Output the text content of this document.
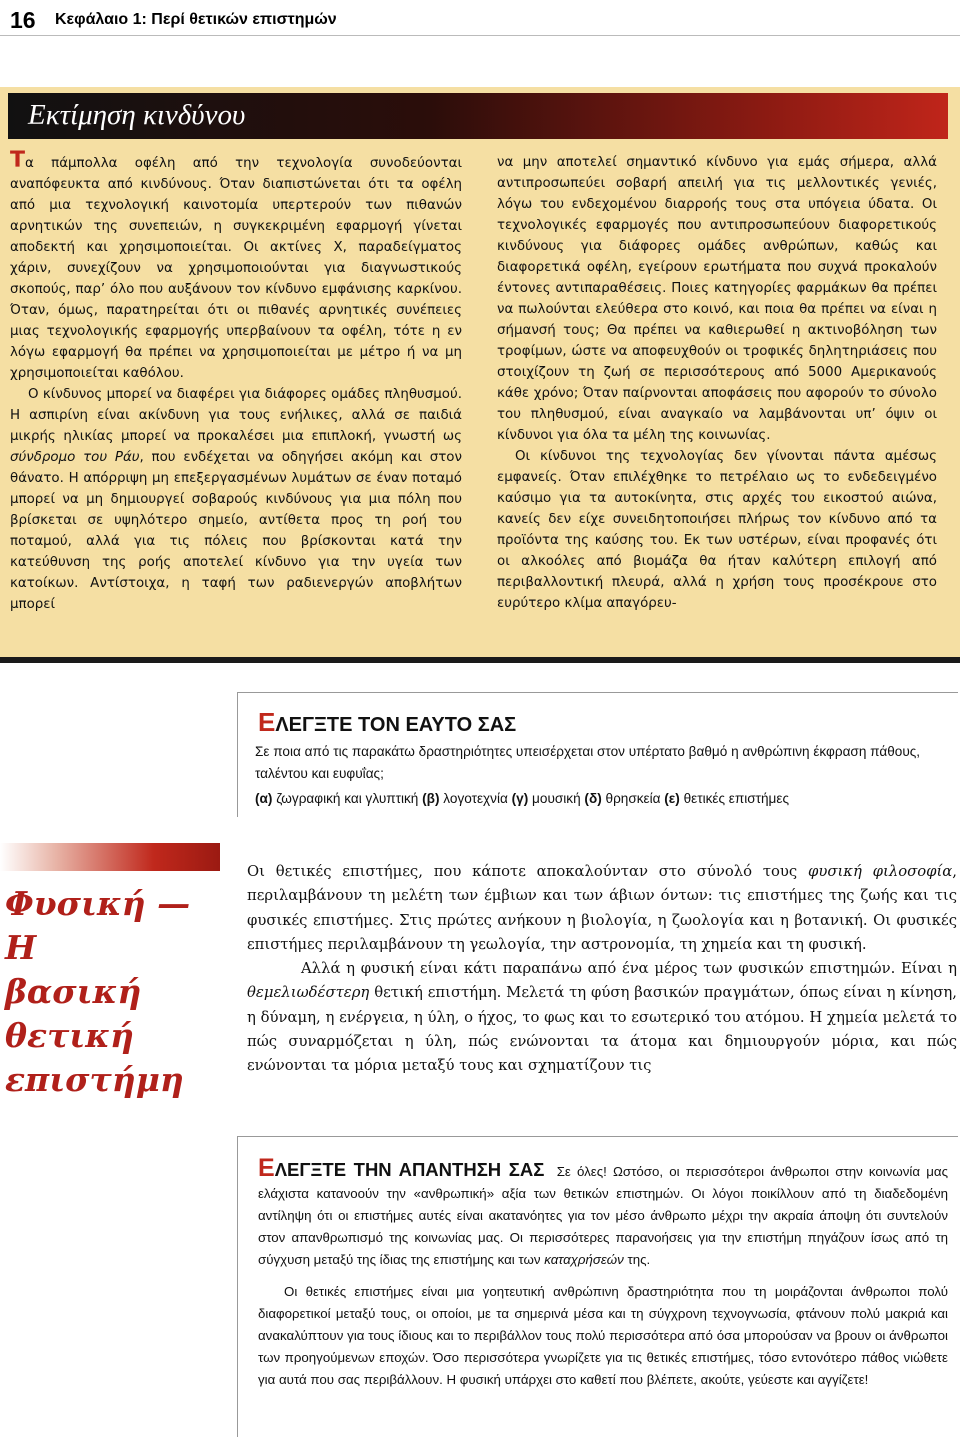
16 Κεφάλαιο 1: Περί θετικών επιστημών
Εκτίμηση κινδύνου

Τα πάμπολλα οφέλη από την τεχνολογία συνοδεύονται αναπόφευκτα από κινδύνους. Όταν διαπιστώνεται ότι τα οφέλη από μια τεχνολογική καινοτομία υπερτερούν των πιθανών αρνητικών της συνεπειών, η συγκεκριμένη εφαρμογή γίνεται αποδεκτή και χρησιμοποιείται. Οι ακτίνες Χ, παραδείγματος χάριν, συνεχίζουν να χρησιμοποιούνται για διαγνωστικούς σκοπούς, παρ’ όλο που αυξάνουν τον κίνδυνο εμφάνισης καρκίνου. Όταν, όμως, παρατηρείται ότι οι πιθανές αρνητικές συνέπειες μιας τεχνολογικής εφαρμογής υπερβαίνουν τα οφέλη, τότε η εν λόγω εφαρμογή θα πρέπει να χρησιμοποιείται με μέτρο ή να μη χρησιμοποιείται καθόλου.

Ο κίνδυνος μπορεί να διαφέρει για διάφορες ομάδες πληθυσμού. Η ασπιρίνη είναι ακίνδυνη για τους ενήλικες, αλλά σε παιδιά μικρής ηλικίας μπορεί να προκαλέσει μια επιπλοκή, γνωστή ως σύνδρομο του Ράυ, που ενδέχεται να οδηγήσει ακόμη και στον θάνατο. Η απόρριψη μη επεξεργασμένων λυμάτων σε έναν ποταμό μπορεί να μη δημιουργεί σοβαρούς κινδύνους για μια πόλη που βρίσκεται σε υψηλότερο σημείο, αντίθετα προς τη ροή του ποταμού, αλλά για τις πόλεις που βρίσκονται κατά την κατεύθυνση της ροής αποτελεί κίνδυνο για την υγεία των κατοίκων. Αντίστοιχα, η ταφή των ραδιενεργών αποβλήτων μπορεί

να μην αποτελεί σημαντικό κίνδυνο για εμάς σήμερα, αλλά αντιπροσωπεύει σοβαρή απειλή για τις μελλοντικές γενιές, λόγω του ενδεχομένου διαρροής τους στα υπόγεια ύδατα. Οι τεχνολογικές εφαρμογές που αντιπροσωπεύουν διαφορετικούς κινδύνους για διάφορες ομάδες ανθρώπων, καθώς και διαφορετικά οφέλη, εγείρουν ερωτήματα που συχνά προκαλούν έντονες αντιπαραθέσεις. Ποιες κατηγορίες φαρμάκων θα πρέπει να πωλούνται ελεύθερα στο κοινό, και ποια θα πρέπει να είναι η σήμανσή τους; Θα πρέπει να καθιερωθεί η ακτινοβόληση των τροφίμων, ώστε να αποφευχθούν οι τροφικές δηλητηριάσεις που στοιχίζουν τη ζωή σε περισσότερους από 5000 Αμερικανούς κάθε χρόνο; Όταν παίρνονται αποφάσεις που αφορούν το σύνολο του πληθυσμού, είναι αναγκαίο να λαμβάνονται υπ’ όψιν οι κίνδυνοι για όλα τα μέλη της κοινωνίας.

Οι κίνδυνοι της τεχνολογίας δεν γίνονται πάντα αμέσως εμφανείς. Όταν επιλέχθηκε το πετρέλαιο ως το ενδεδειγμένο καύσιμο για τα αυτοκίνητα, στις αρχές του εικοστού αιώνα, κανείς δεν είχε συνειδητοποιήσει πλήρως τον κίνδυνο από τα προϊόντα της καύσης του. Εκ των υστέρων, είναι προφανές ότι οι αλκοόλες από βιομάζα θα ήταν καλύτερη επιλογή από περιβαλλοντική πλευρά, αλλά η χρήση τους προσέκρουε στο ευρύτερο κλίμα απαγόρευ-

ΕΛΕΓΞΤΕ ΤΟΝ ΕΑΥΤΟ ΣΑΣ
Σε ποια από τις παρακάτω δραστηριότητες υπεισέρχεται στον υπέρτατο βαθμό η ανθρώπινη έκφραση πάθους, ταλέντου και ευφυΐας;
(α) ζωγραφική και γλυπτική (β) λογοτεχνία (γ) μουσική (δ) θρησκεία (ε) θετικές επιστήμες
Φυσική — Η
βασική θετική
επιστήμη

Οι θετικές επιστήμες, που κάποτε αποκαλούνταν στο σύνολό τους φυσική φιλοσοφία, περιλαμβάνουν τη μελέτη των έμβιων και των άβιων όντων: τις επιστήμες της ζωής και τις φυσικές επιστήμες. Στις πρώτες ανήκουν η βιολογία, η ζωολογία και η βοτανική. Οι φυσικές επιστήμες περιλαμβάνουν τη γεωλογία, την αστρονομία, τη χημεία και τη φυσική.

Αλλά η φυσική είναι κάτι παραπάνω από ένα μέρος των φυσικών επιστημών. Είναι η θεμελιωδέστερη θετική επιστήμη. Μελετά τη φύση βασικών πραγμάτων, όπως είναι η κίνηση, η δύναμη, η ενέργεια, η ύλη, ο ήχος, το φως και το εσωτερικό του ατόμου. Η χημεία μελετά το πώς συναρμόζεται η ύλη, πώς ενώνονται τα άτομα και δημιουργούν μόρια, και πώς ενώνονται τα μόρια μεταξύ τους και σχηματίζουν τις

ΕΛΕΓΞΤΕ ΤΗΝ ΑΠΑΝΤΗΣΗ ΣΑΣ Σε όλες! Ωστόσο, οι περισσότεροι άνθρωποι στην κοινωνία μας ελάχιστα κατανοούν την «ανθρωπική» αξία των θετικών επιστημών. Οι λόγοι ποικίλλουν από τη διαδεδομένη αντίληψη ότι οι επιστήμες αυτές είναι ακατανόητες για τον μέσο άνθρωπο μέχρι την ακραία άποψη ότι συντελούν στον απανθρωπισμό της κοινωνίας μας. Οι περισσότερες παρανοήσεις για την επιστήμη πηγάζουν ίσως από τη σύγχυση μεταξύ της ίδιας της επιστήμης και των καταχρήσεών της.

Οι θετικές επιστήμες είναι μια γοητευτική ανθρώπινη δραστηριότητα που τη μοιράζονται άνθρωποι πολύ διαφορετικοί μεταξύ τους, οι οποίοι, με τα σημερινά μέσα και τη σύγχρονη τεχνογνωσία, φτάνουν πολύ μακριά και ανακαλύπτουν για τους ίδιους και το περιβάλλον τους πολύ περισσότερα από όσα μπορούσαν να βρουν οι άνθρωποι των προηγούμενων εποχών. Όσο περισσότερα γνωρίζετε για τις θετικές επιστήμες, τόσο εντονότερο πάθος νιώθετε για αυτά που σας περιβάλλουν. Η φυσική υπάρχει στο καθετί που βλέπετε, ακούτε, γεύεστε και αγγίζετε!
